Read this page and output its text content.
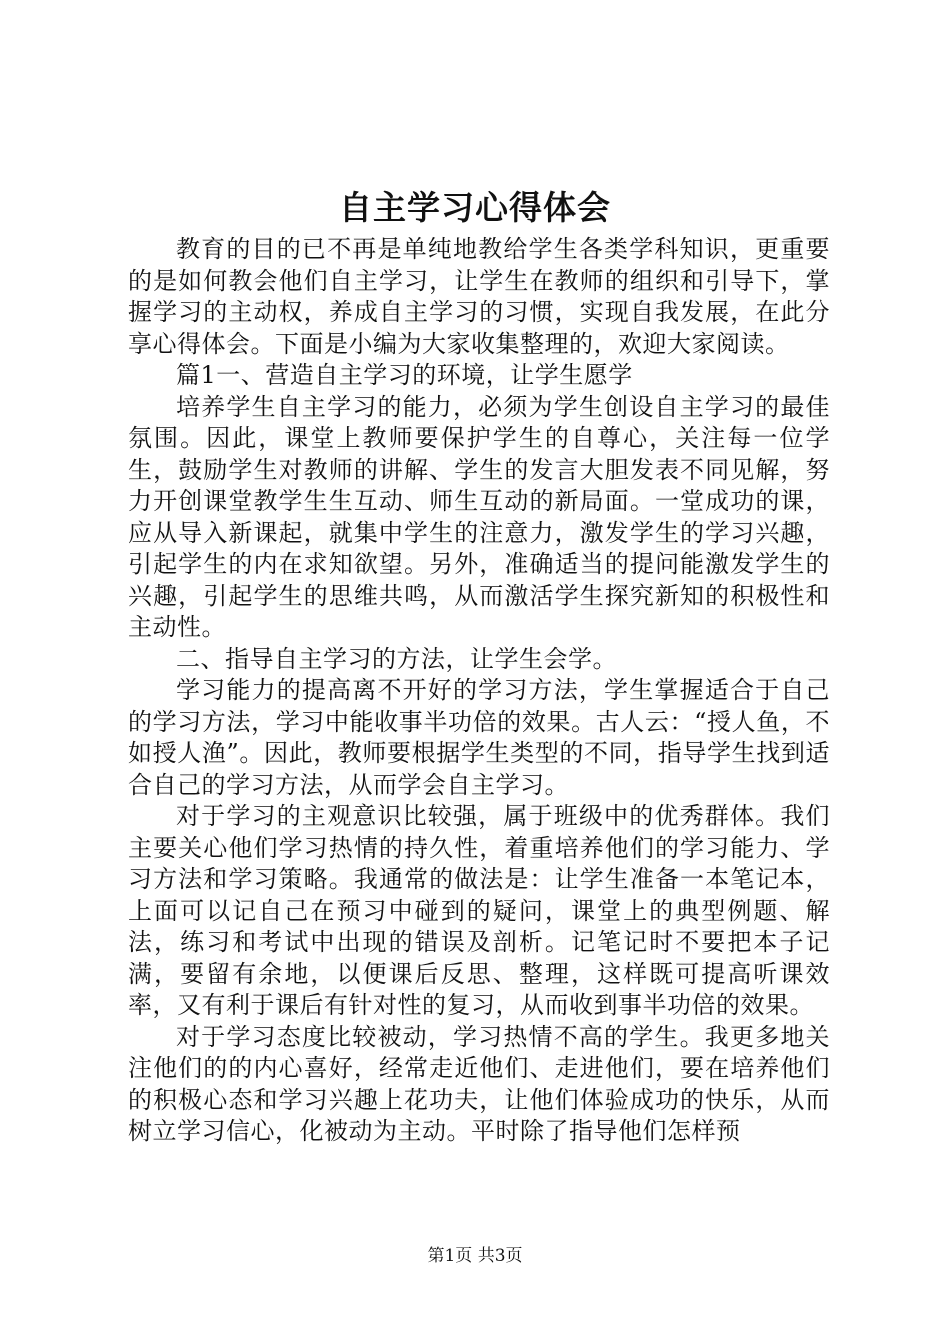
自主学习心得体会

教育的目的已不再是单纯地教给学生各类学科知识，更重要的是如何教会他们自主学习，让学生在教师的组织和引导下，掌握学习的主动权，养成自主学习的习惯，实现自我发展，在此分享心得体会。下面是小编为大家收集整理的，欢迎大家阅读。

篇1一、营造自主学习的环境，让学生愿学

培养学生自主学习的能力，必须为学生创设自主学习的最佳氛围。因此，课堂上教师要保护学生的自尊心，关注每一位学生，鼓励学生对教师的讲解、学生的发言大胆发表不同见解，努力开创课堂教学生生互动、师生互动的新局面。一堂成功的课，应从导入新课起，就集中学生的注意力，激发学生的学习兴趣，引起学生的内在求知欲望。另外，准确适当的提问能激发学生的兴趣，引起学生的思维共鸣，从而激活学生探究新知的积极性和主动性。

二、指导自主学习的方法，让学生会学。

学习能力的提高离不开好的学习方法，学生掌握适合于自己的学习方法，学习中能收事半功倍的效果。古人云：“授人鱼，不如授人渔”。因此，教师要根据学生类型的不同，指导学生找到适合自己的学习方法，从而学会自主学习。

对于学习的主观意识比较强，属于班级中的优秀群体。我们主要关心他们学习热情的持久性，着重培养他们的学习能力、学习方法和学习策略。我通常的做法是：让学生准备一本笔记本，上面可以记自己在预习中碰到的疑问，课堂上的典型例题、解法，练习和考试中出现的错误及剖析。记笔记时不要把本子记满，要留有余地，以便课后反思、整理，这样既可提高听课效率，又有利于课后有针对性的复习，从而收到事半功倍的效果。

对于学习态度比较被动，学习热情不高的学生。我更多地关注他们的的内心喜好，经常走近他们、走进他们，要在培养他们的积极心态和学习兴趣上花功夫，让他们体验成功的快乐，从而树立学习信心，化被动为主动。平时除了指导他们怎样预

第1页 共3页
